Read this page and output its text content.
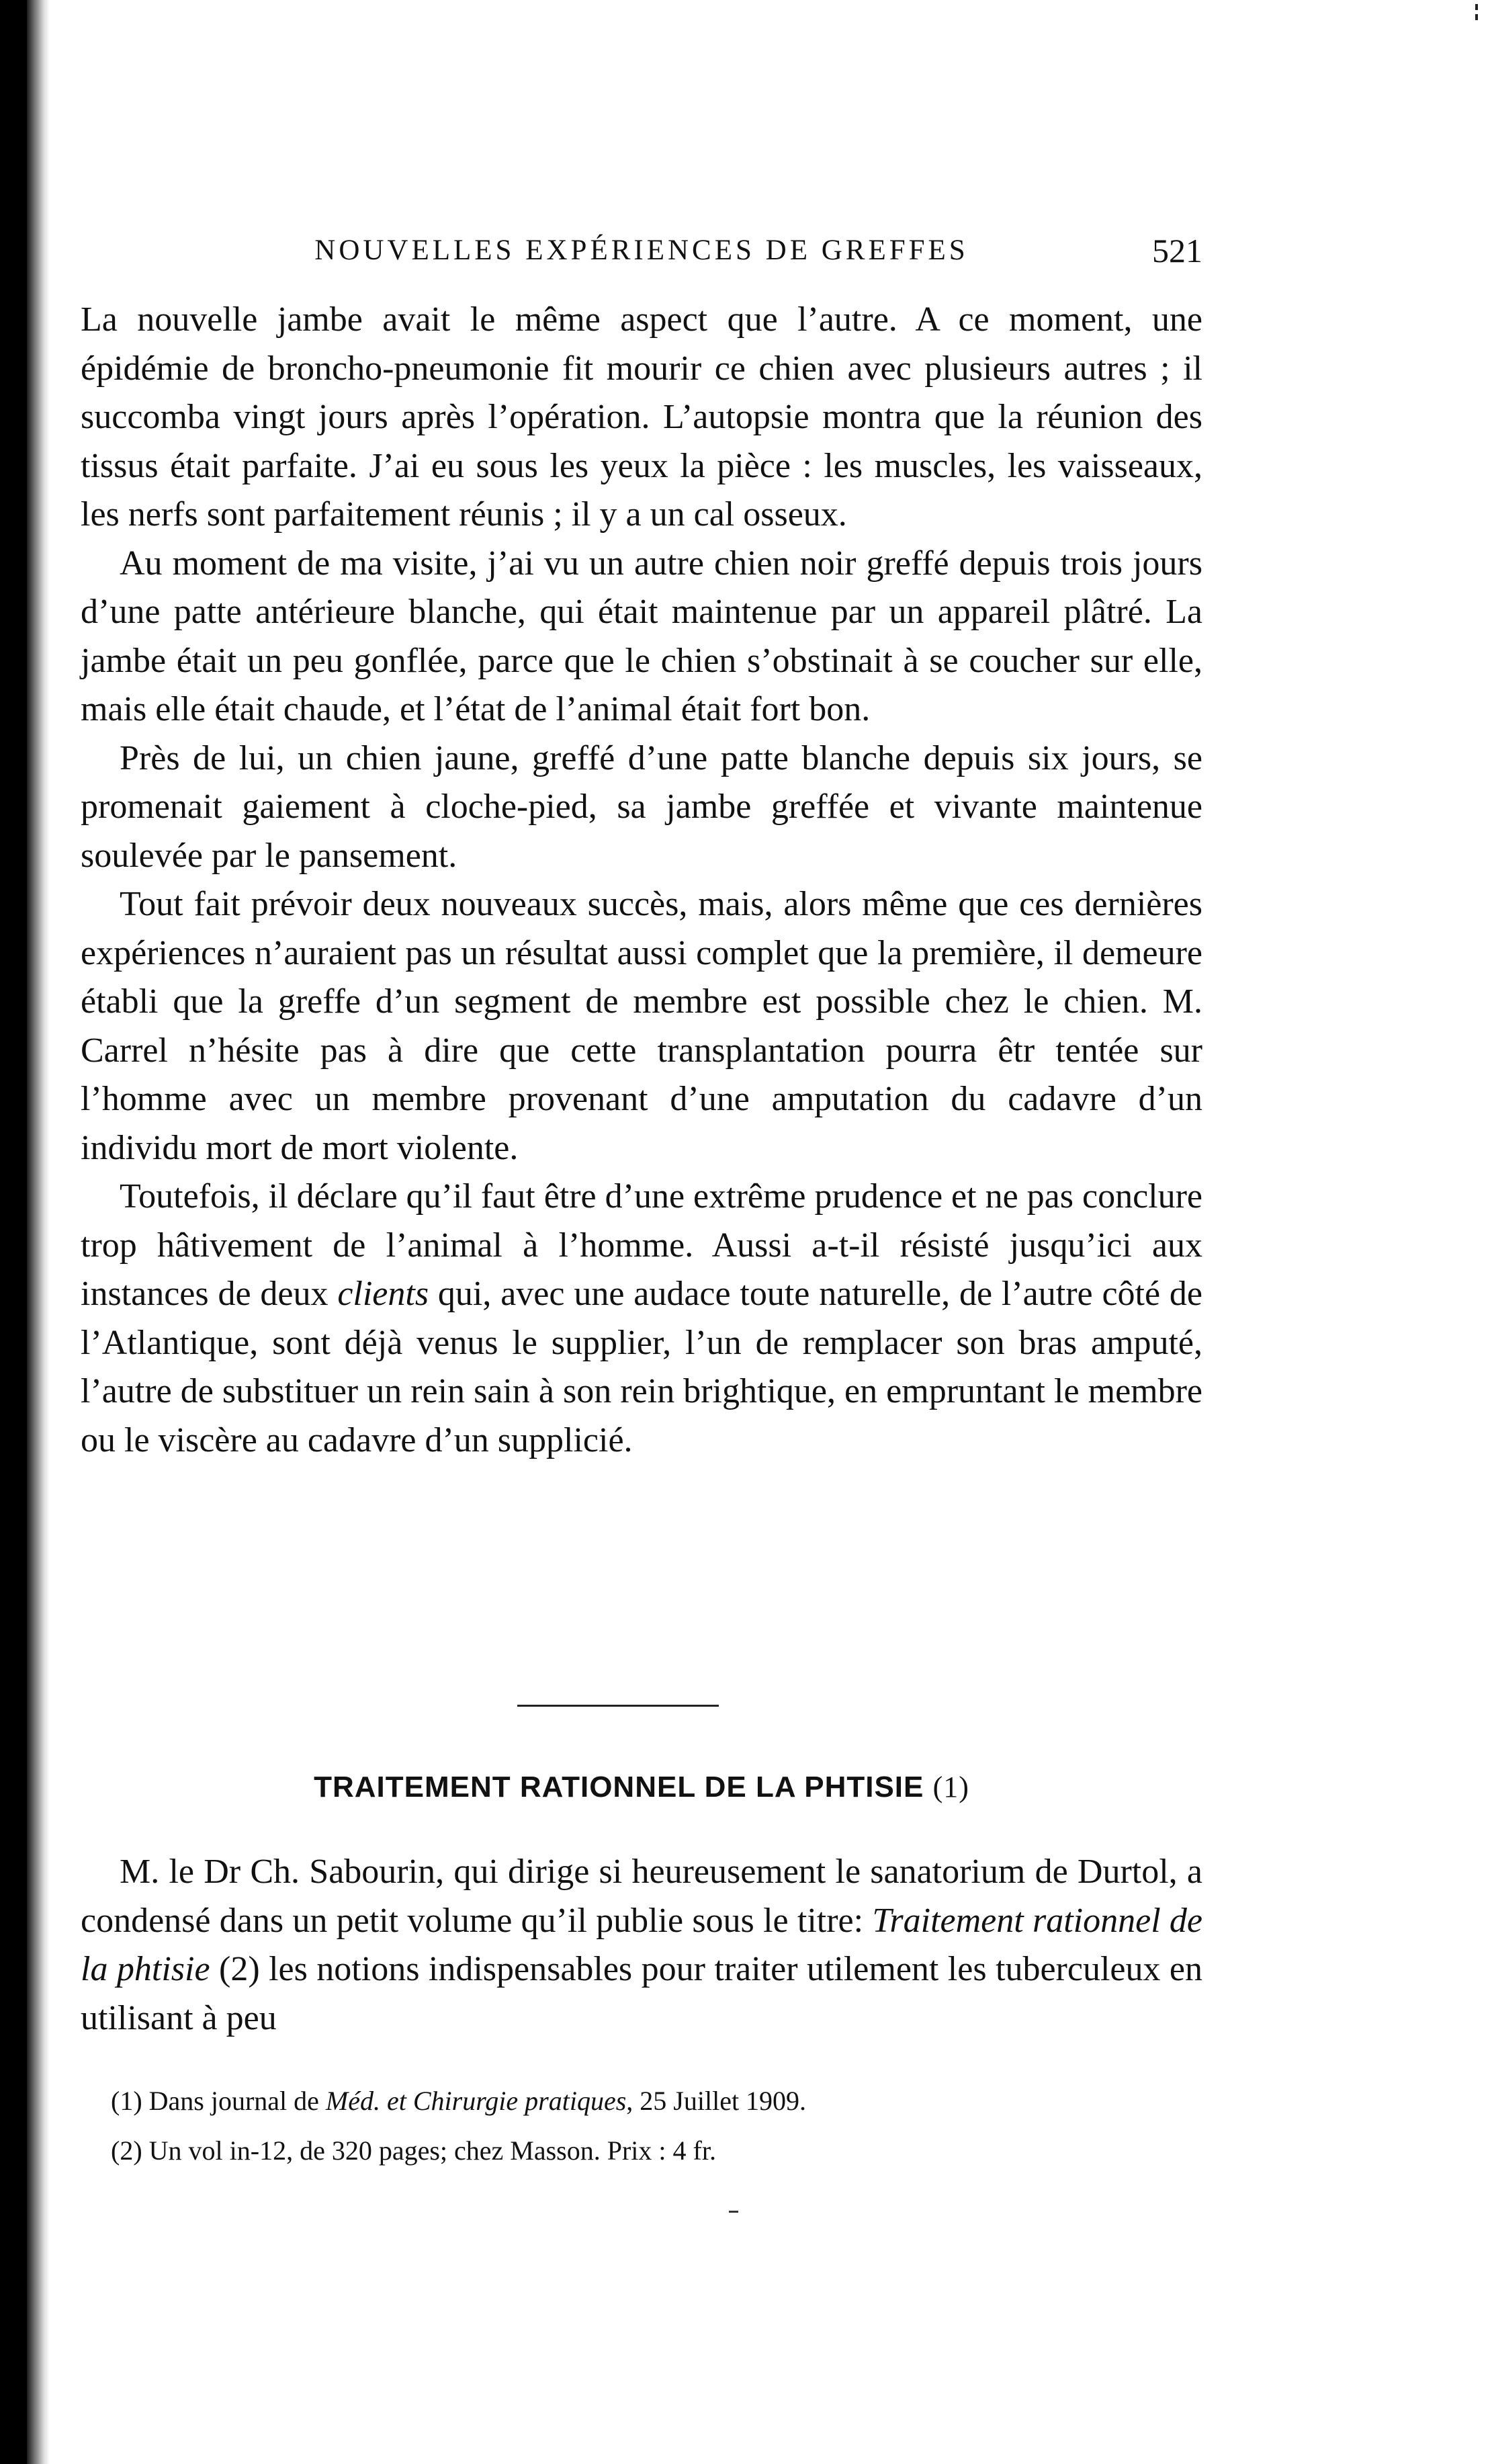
NOUVELLES EXPÉRIENCES DE GREFFES	521

La nouvelle jambe avait le même aspect que l’autre. A ce moment, une épidémie de broncho-pneumonie fit mourir ce chien avec plusieurs autres ; il succomba vingt jours après l’opération. L’autopsie montra que la réunion des tissus était parfaite. J’ai eu sous les yeux la pièce : les muscles, les vaisseaux, les nerfs sont parfaitement réunis ; il y a un cal osseux.

Au moment de ma visite, j’ai vu un autre chien noir greffé depuis trois jours d’une patte antérieure blanche, qui était maintenue par un appareil plâtré. La jambe était un peu gonflée, parce que le chien s’obstinait à se coucher sur elle, mais elle était chaude, et l’état de l’animal était fort bon.

Près de lui, un chien jaune, greffé d’une patte blanche depuis six jours, se promenait gaiement à cloche-pied, sa jambe greffée et vivante maintenue soulevée par le pansement.

Tout fait prévoir deux nouveaux succès, mais, alors même que ces dernières expériences n’auraient pas un résultat aussi complet que la première, il demeure établi que la greffe d’un segment de membre est possible chez le chien. M. Carrel n’hésite pas à dire que cette transplantation pourra êtr tentée sur l’homme avec un membre provenant d’une amputation du cadavre d’un individu mort de mort violente.

Toutefois, il déclare qu’il faut être d’une extrême prudence et ne pas conclure trop hâtivement de l’animal à l’homme. Aussi a-t-il résisté jusqu’ici aux instances de deux clients qui, avec une audace toute naturelle, de l’autre côté de l’Atlantique, sont déjà venus le supplier, l’un de remplacer son bras amputé, l’autre de substituer un rein sain à son rein brightique, en empruntant le membre ou le viscère au cadavre d’un supplicié.

TRAITEMENT RATIONNEL DE LA PHTISIE (1)

M. le Dr Ch. Sabourin, qui dirige si heureusement le sanatorium de Durtol, a condensé dans un petit volume qu’il publie sous le titre: Traitement rationnel de la phtisie (2) les notions indispensables pour traiter utilement les tuberculeux en utilisant à peu

(1) Dans journal de Méd. et Chirurgie pratiques, 25 Juillet 1909.
(2) Un vol in-12, de 320 pages; chez Masson. Prix : 4 fr.
